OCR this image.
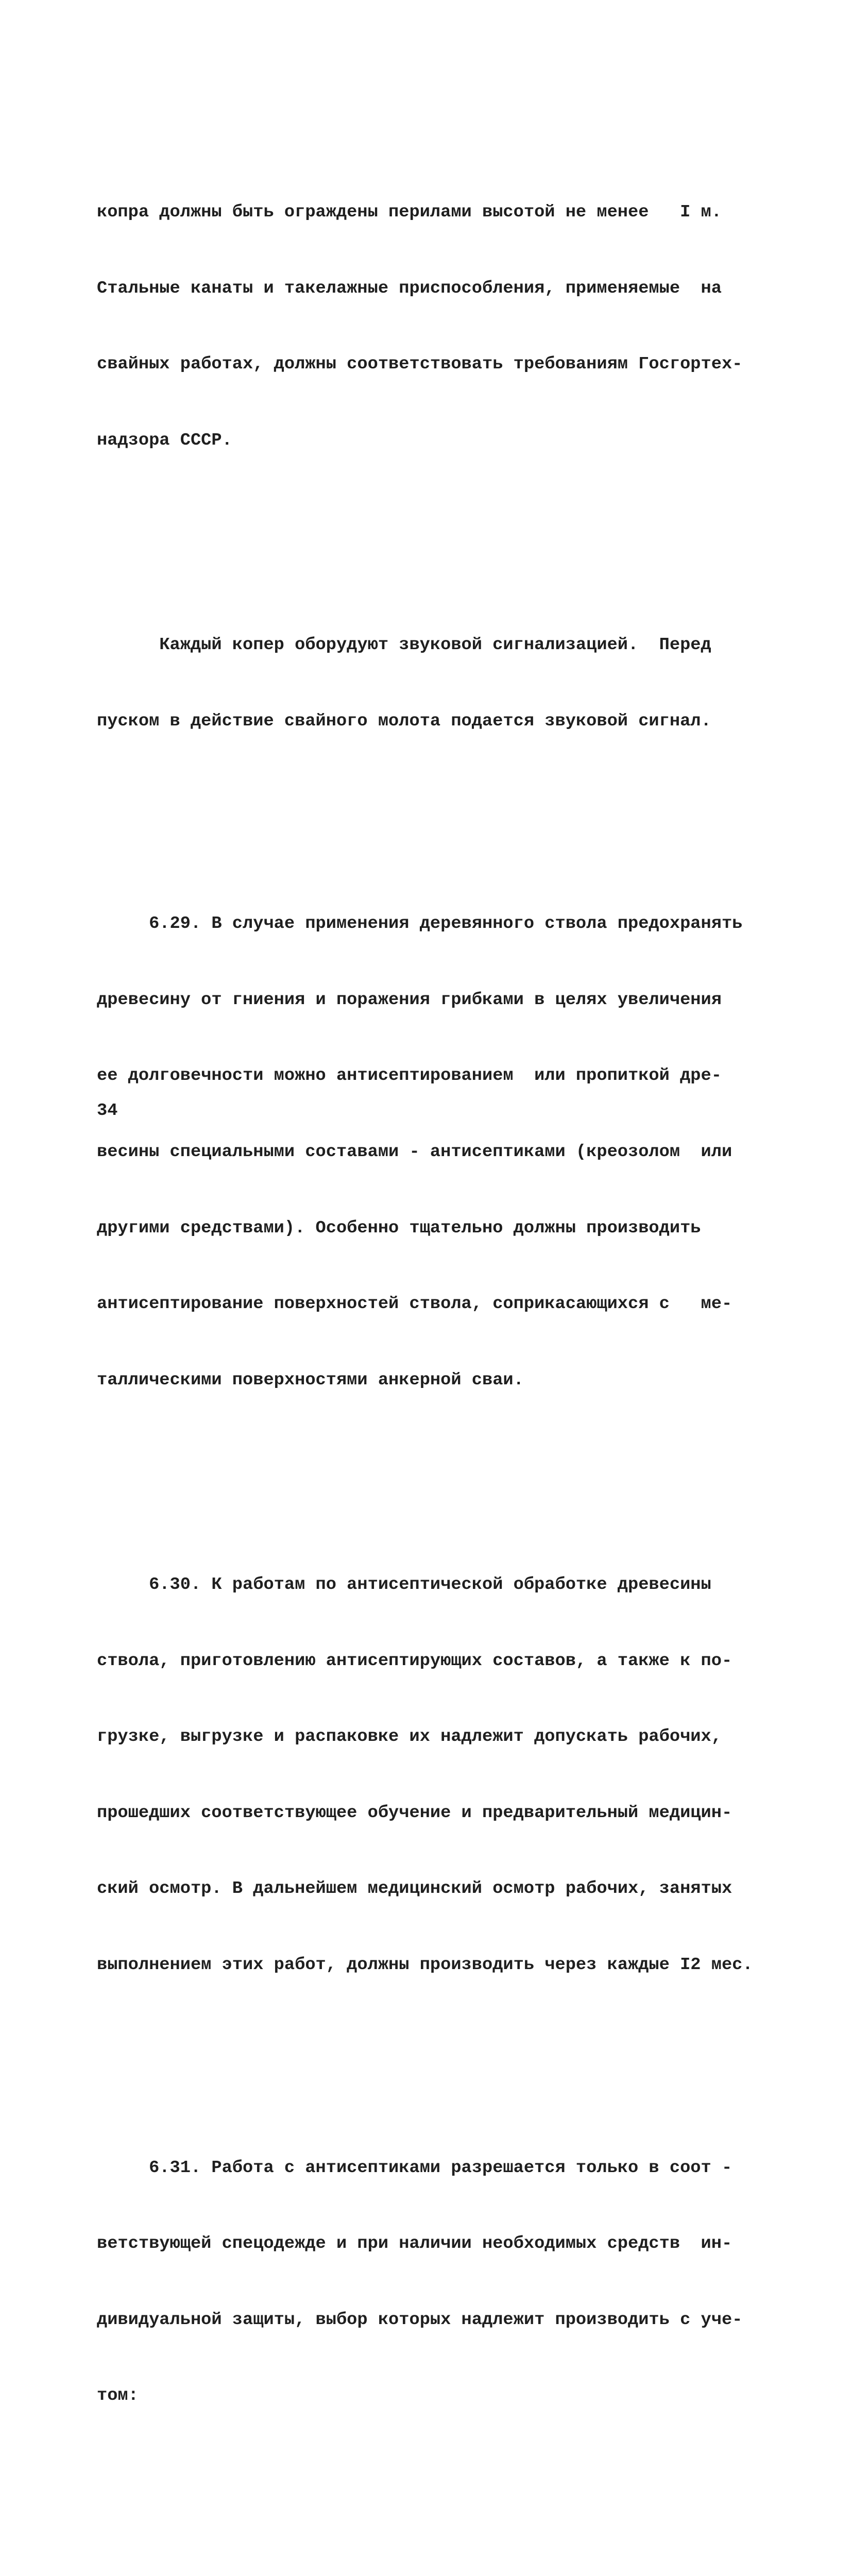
копра должны быть ограждены перилами высотой не менее   I м.

Стальные канаты и такелажные приспособления, применяемые  на

свайных работах, должны соответствовать требованиям Госгортех-

надзора СССР.

Каждый копер оборудуют звуковой сигнализацией.  Перед

пуском в действие свайного молота подается звуковой сигнал.

6.29. В случае применения деревянного ствола предохранять

древесину от гниения и поражения грибками в целях увеличения

ее долговечности можно антисептированием  или пропиткой дре-

весины специальными составами - антисептиками (креозолом  или

другими средствами). Особенно тщательно должны производить

антисептирование поверхностей ствола, соприкасающихся с   ме-

таллическими поверхностями анкерной сваи.

6.30. К работам по антисептической обработке древесины

ствола, приготовлению антисептирующих составов, а также к по-

грузке, выгрузке и распаковке их надлежит допускать рабочих,

прошедших соответствующее обучение и предварительный медицин-

ский осмотр. В дальнейшем медицинский осмотр рабочих, занятых

выполнением этих работ, должны производить через каждые I2 мес.

6.31. Работа с антисептиками разрешается только в соот -

ветствующей спецодежде и при наличии необходимых средств  ин-

дивидуальной защиты, выбор которых надлежит производить с уче-

том:

34
